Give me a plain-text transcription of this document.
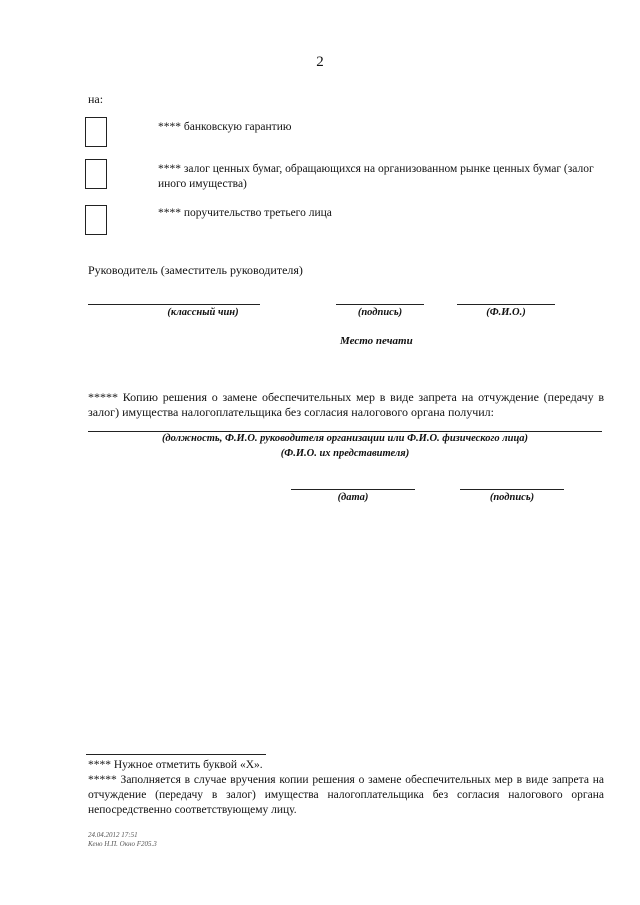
2
на:
**** банковскую гарантию
**** залог ценных бумаг, обращающихся на организованном рынке ценных бумаг (залог иного имущества)
**** поручительство третьего лица
Руководитель (заместитель руководителя)
(классный чин)	(подпись)	(Ф.И.О.)
Место печати
***** Копию решения о замене обеспечительных мер в виде запрета на отчуждение (передачу в залог) имущества налогоплательщика без согласия налогового органа получил:
(должность, Ф.И.О. руководителя организации или Ф.И.О. физического лица)
(Ф.И.О. их представителя)
(дата)	(подпись)
**** Нужное отметить буквой «Х».
***** Заполняется в случае вручения копии решения о замене обеспечительных мер в виде запрета на отчуждение (передачу в залог) имущества налогоплательщика без согласия налогового органа непосредственно соответствующему лицу.
24.04.2012 17:51
Кено Н.П. Окно F205.3
